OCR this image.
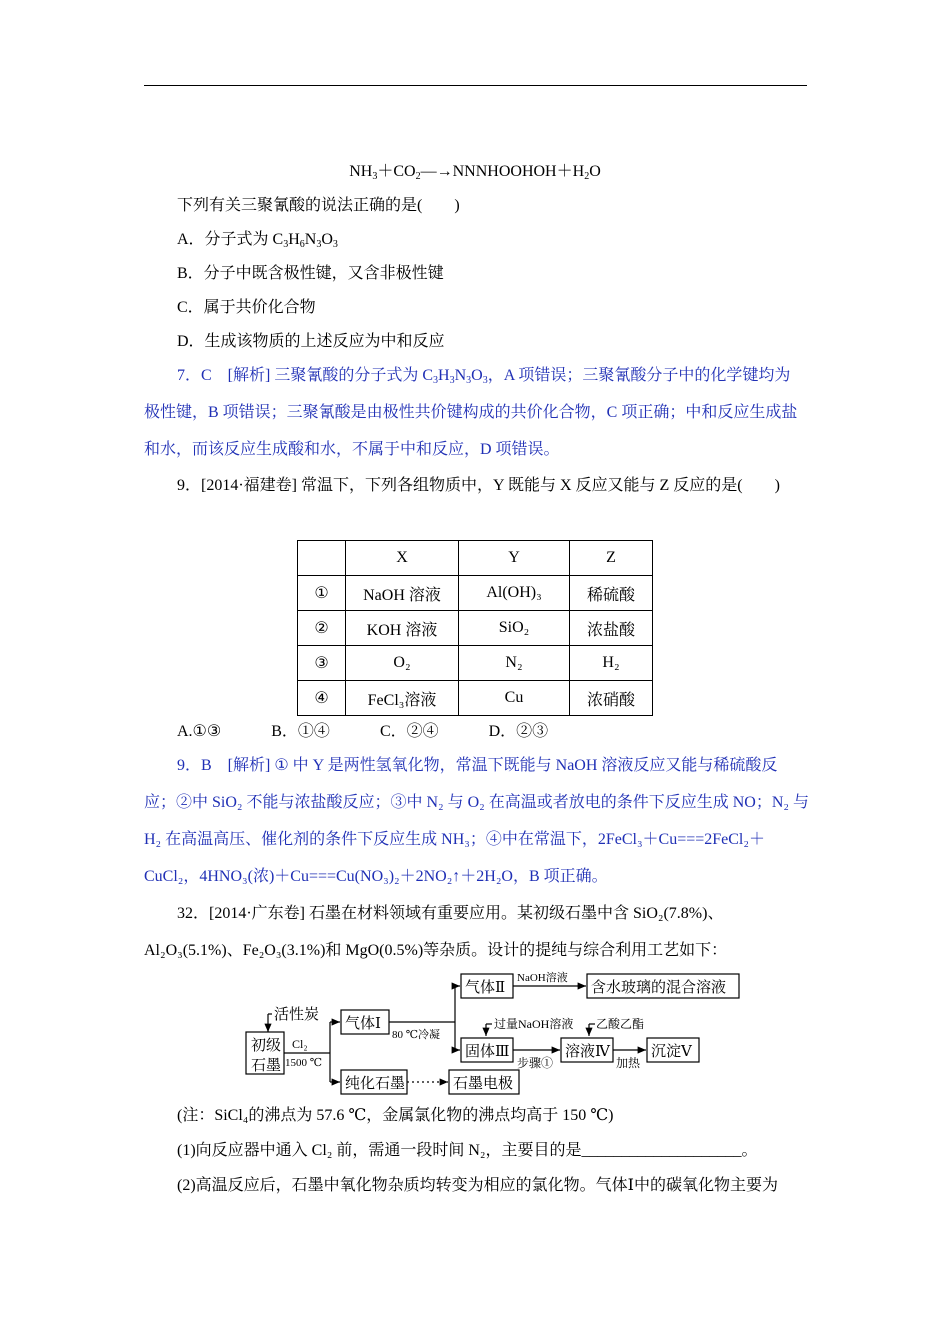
$NH_3+CO_2—\to NNNHOOHOH+H_2O$
下列有关三聚氰酸的说法正确的是(　　)
A．分子式为 $C_3H_6N_3O_3$
B．分子中既含极性键，又含非极性键
C．属于共价化合物
D．生成该物质的上述反应为中和反应
7．C　[解析] 三聚氰酸的分子式为 $C_3H_3N_3O_3$，A 项错误；三聚氰酸分子中的化学键均为
极性键，B 项错误；三聚氰酸是由极性共价键构成的共价化合物，C 项正确；中和反应生成盐
和水，而该反应生成酸和水，不属于中和反应，D 项错误。
9．[2014·福建卷] 常温下，下列各组物质中，Y 既能与 X 反应又能与 Z 反应的是(　　)
	X	Y	Z
①	NaOH 溶液	Al(OH)₃	稀硫酸
②	KOH 溶液	SiO₂	浓盐酸
③	O₂	N₂	H₂
④	FeCl₃溶液	Cu	浓硝酸
A.①③	B．①④	C．②④	D．②③
9．B　[解析] ① 中 Y 是两性氢氧化物，常温下既能与 NaOH 溶液反应又能与稀硫酸反
应；②中 SiO₂ 不能与浓盐酸反应；③中 N₂ 与 O₂ 在高温或者放电的条件下反应生成 NO；N₂ 与
H₂ 在高温高压、催化剂的条件下反应生成 NH₃；④中在常温下，2FeCl₃＋Cu===2FeCl₂＋
CuCl₂，4HNO₃(浓)＋Cu===Cu(NO₃)₂＋2NO₂↑＋2H₂O，B 项正确。
32．[2014·广东卷] 石墨在材料领域有重要应用。某初级石墨中含 SiO₂(7.8%)、
Al₂O₃(5.1%)、Fe₂O₃(3.1%)和 MgO(0.5%)等杂质。设计的提纯与综合利用工艺如下：
初级
石墨
活性炭
Cl₂
1500 ℃
气体Ⅰ
80 ℃冷凝
气体Ⅱ
NaOH溶液
含水玻璃的混合溶液
过量NaOH溶液
固体Ⅲ
步骤①
溶液Ⅳ
乙酸乙酯
加热
沉淀Ⅴ
纯化石墨	石墨电极
(注：SiCl₄的沸点为 57.6 ℃，金属氯化物的沸点均高于 150 ℃)
(1)向反应器中通入 Cl₂ 前，需通一段时间 N₂，主要目的是____________________。
(2)高温反应后，石墨中氧化物杂质均转变为相应的氯化物。气体Ⅰ中的碳氧化物主要为
